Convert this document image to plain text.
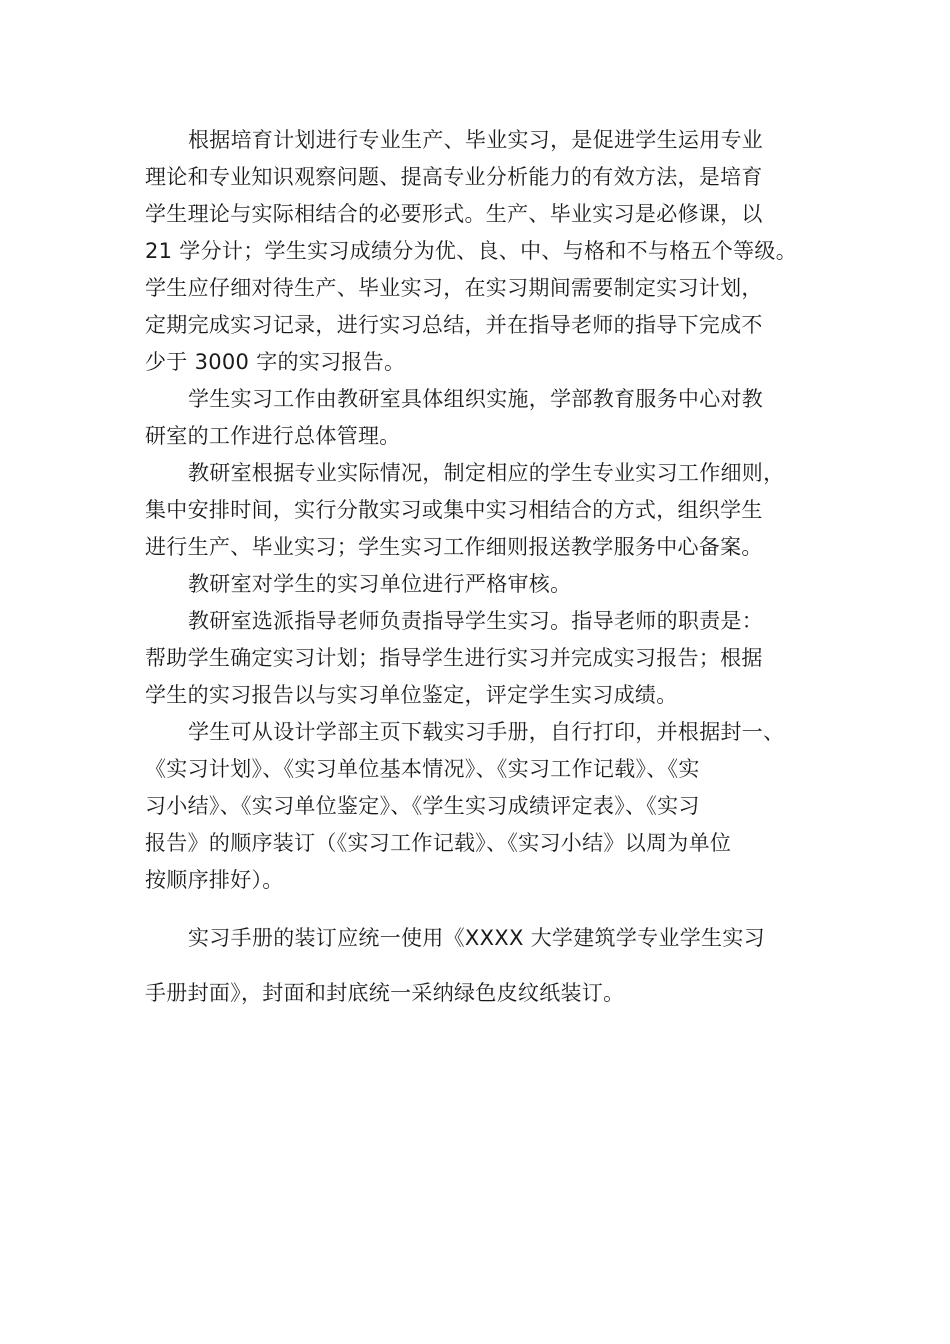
根据培育计划进行专业生产、毕业实习，是促进学生运用专业
理论和专业知识观察问题、提高专业分析能力的有效方法，是培育
学生理论与实际相结合的必要形式。生产、毕业实习是必修课，以
21 学分计；学生实习成绩分为优、良、中、与格和不与格五个等级。
学生应仔细对待生产、毕业实习，在实习期间需要制定实习计划，
定期完成实习记录，进行实习总结，并在指导老师的指导下完成不
少于 3000 字的实习报告。

学生实习工作由教研室具体组织实施，学部教育服务中心对教
研室的工作进行总体管理。

教研室根据专业实际情况，制定相应的学生专业实习工作细则，
集中安排时间，实行分散实习或集中实习相结合的方式，组织学生
进行生产、毕业实习；学生实习工作细则报送教学服务中心备案。

教研室对学生的实习单位进行严格审核。

教研室选派指导老师负责指导学生实习。指导老师的职责是：
帮助学生确定实习计划；指导学生进行实习并完成实习报告；根据
学生的实习报告以与实习单位鉴定，评定学生实习成绩。

学生可从设计学部主页下载实习手册，自行打印，并根据封一、
《实习计划》、《实习单位基本情况》、《实习工作记载》、《实
习小结》、《实习单位鉴定》、《学生实习成绩评定表》、《实习
报告》的顺序装订（《实习工作记载》、《实习小结》以周为单位
按顺序排好）。

实习手册的装订应统一使用《XXXX 大学建筑学专业学生实习
手册封面》，封面和封底统一采纳绿色皮纹纸装订。
